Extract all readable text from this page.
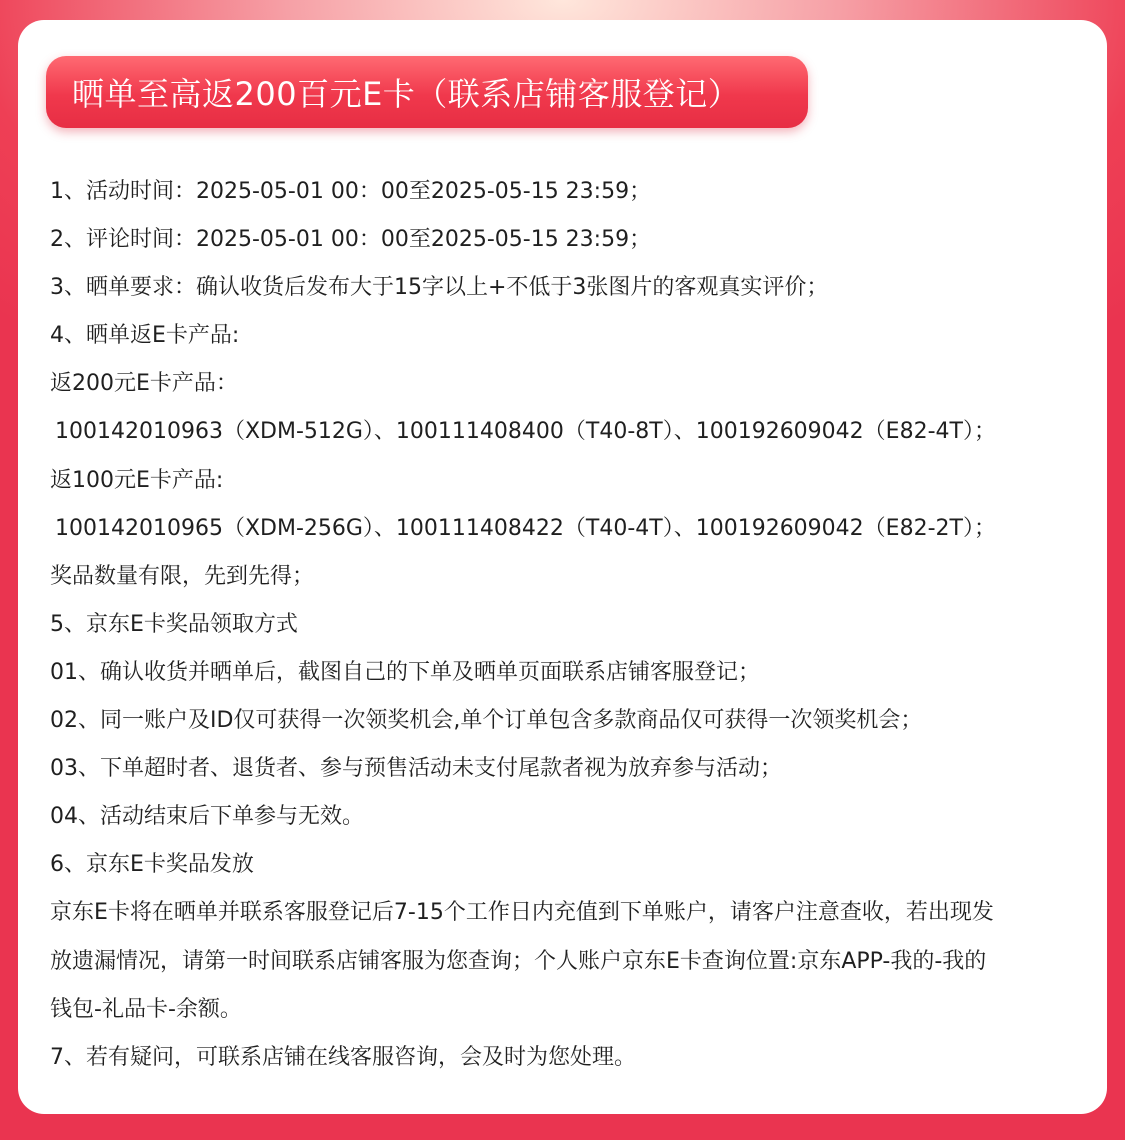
晒单至高返200百元E卡（联系店铺客服登记）
1、活动时间：2025-05-01 00：00至2025-05-15 23:59；
2、评论时间：2025-05-01 00：00至2025-05-15 23:59；
3、晒单要求：确认收货后发布大于15字以上+不低于3张图片的客观真实评价；
4、晒单返E卡产品:
返200元E卡产品：
100142010963（XDM-512G）、100111408400（T40-8T）、100192609042（E82-4T）；
返100元E卡产品:
100142010965（XDM-256G）、100111408422（T40-4T）、100192609042（E82-2T）；
奖品数量有限，先到先得；
5、京东E卡奖品领取方式
01、确认收货并晒单后，截图自己的下单及晒单页面联系店铺客服登记；
02、同一账户及ID仅可获得一次领奖机会,单个订单包含多款商品仅可获得一次领奖机会；
03、下单超时者、退货者、参与预售活动未支付尾款者视为放弃参与活动；
04、活动结束后下单参与无效。
6、京东E卡奖品发放
京东E卡将在晒单并联系客服登记后7-15个工作日内充值到下单账户，请客户注意查收，若出现发
放遗漏情况，请第一时间联系店铺客服为您查询；个人账户京东E卡查询位置:京东APP-我的-我的
钱包-礼品卡-余额。
7、若有疑问，可联系店铺在线客服咨询，会及时为您处理。
